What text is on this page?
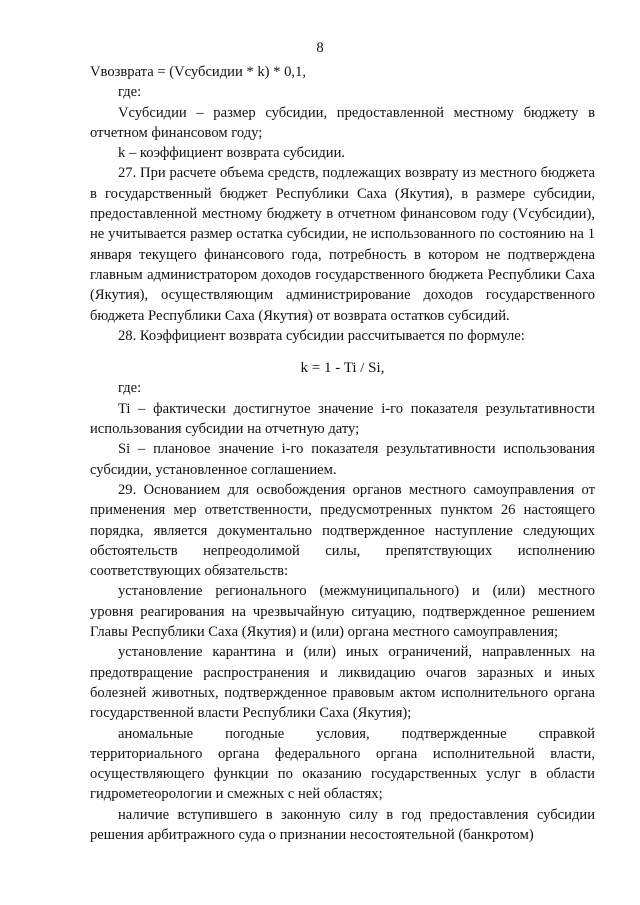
8

Vвозврата = (Vсубсидии * k) * 0,1,

где:

Vсубсидии – размер субсидии, предоставленной местному бюджету в отчетном финансовом году;

k – коэффициент возврата субсидии.

27. При расчете объема средств, подлежащих возврату из местного бюджета в государственный бюджет Республики Саха (Якутия), в размере субсидии, предоставленной местному бюджету в отчетном финансовом году (Vсубсидии), не учитывается размер остатка субсидии, не использованного по состоянию на 1 января текущего финансового года, потребность в котором не подтверждена главным администратором доходов государственного бюджета Республики Саха (Якутия), осуществляющим администрирование доходов государственного бюджета Республики Саха (Якутия) от возврата остатков субсидий.

28. Коэффициент возврата субсидии рассчитывается по формуле:

k = 1 - Ti / Si,

где:

Ti – фактически достигнутое значение i-го показателя результативности использования субсидии на отчетную дату;

Si – плановое значение i-го показателя результативности использования субсидии, установленное соглашением.

29. Основанием для освобождения органов местного самоуправления от применения мер ответственности, предусмотренных пунктом 26 настоящего порядка, является документально подтвержденное наступление следующих обстоятельств непреодолимой силы, препятствующих исполнению соответствующих обязательств:

установление регионального (межмуниципального) и (или) местного уровня реагирования на чрезвычайную ситуацию, подтвержденное решением Главы Республики Саха (Якутия) и (или) органа местного самоуправления;

установление карантина и (или) иных ограничений, направленных на предотвращение распространения и ликвидацию очагов заразных и иных болезней животных, подтвержденное правовым актом исполнительного органа государственной власти Республики Саха (Якутия);

аномальные погодные условия, подтвержденные справкой территориального органа федерального органа исполнительной власти, осуществляющего функции по оказанию государственных услуг в области гидрометеорологии и смежных с ней областях;

наличие вступившего в законную силу в год предоставления субсидии решения арбитражного суда о признании несостоятельной (банкротом)
